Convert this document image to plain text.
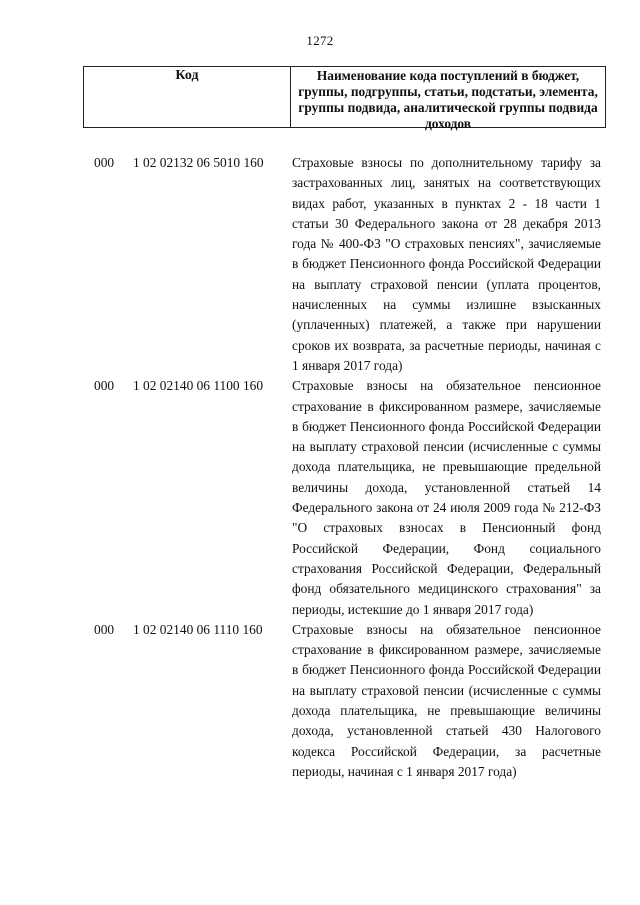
1272
Код	Наименование кода поступлений в бюджет, группы, подгруппы, статьи, подстатьи, элемента, группы подвида, аналитической группы подвида доходов
000 1 02 02132 06 5010 160 Страховые взносы по дополнительному тарифу за застрахованных лиц, занятых на соответствующих видах работ, указанных в пунктах 2 - 18 части 1 статьи 30 Федерального закона от 28 декабря 2013 года № 400-ФЗ "О страховых пенсиях", зачисляемые в бюджет Пенсионного фонда Российской Федерации на выплату страховой пенсии (уплата процентов, начисленных на суммы излишне взысканных (уплаченных) платежей, а также при нарушении сроков их возврата, за расчетные периоды, начиная с 1 января 2017 года)
000 1 02 02140 06 1100 160 Страховые взносы на обязательное пенсионное страхование в фиксированном размере, зачисляемые в бюджет Пенсионного фонда Российской Федерации на выплату страховой пенсии (исчисленные с суммы дохода плательщика, не превышающие предельной величины дохода, установленной статьей 14 Федерального закона от 24 июля 2009 года № 212-ФЗ "О страховых взносах в Пенсионный фонд Российской Федерации, Фонд социального страхования Российской Федерации, Федеральный фонд обязательного медицинского страхования" за периоды, истекшие до 1 января 2017 года)
000 1 02 02140 06 1110 160 Страховые взносы на обязательное пенсионное страхование в фиксированном размере, зачисляемые в бюджет Пенсионного фонда Российской Федерации на выплату страховой пенсии (исчисленные с суммы дохода плательщика, не превышающие величины дохода, установленной статьей 430 Налогового кодекса Российской Федерации, за расчетные периоды, начиная с 1 января 2017 года)
